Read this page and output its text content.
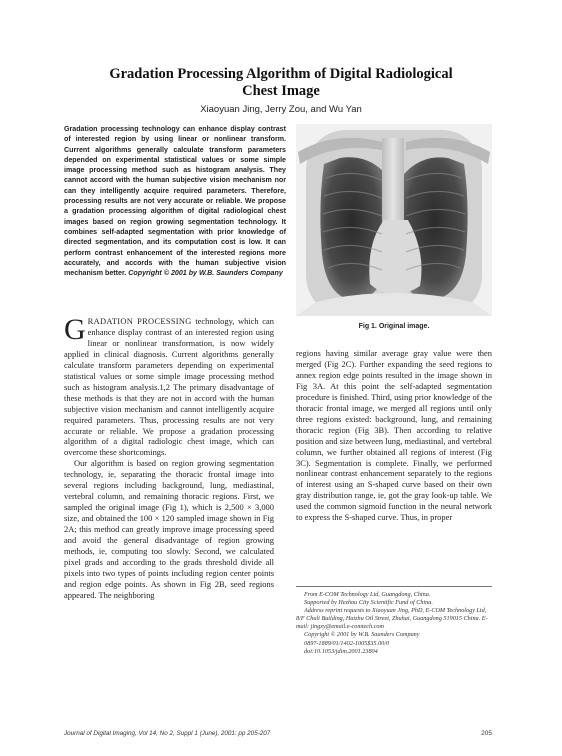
Gradation Processing Algorithm of Digital Radiological
Chest Image
Xiaoyuan Jing, Jerry Zou, and Wu Yan
Gradation processing technology can enhance display contrast of interested region by using linear or nonlinear transform. Current algorithms generally calculate transform parameters depended on experimental statistical values or some simple image processing method such as histogram analysis. They cannot accord with the human subjective vision mechanism nor can they intelligently acquire required parameters. Therefore, processing results are not very accurate or reliable. We propose a gradation processing algorithm of digital radiological chest images based on region growing segmentation technology. It combines self-adapted segmentation with prior knowledge of directed segmentation, and its computation cost is low. It can perform contrast enhancement of the interested regions more accurately, and accords with the human subjective vision mechanism better. Copyright © 2001 by W.B. Saunders Company
Fig 1. Original image.

GRADATION PROCESSING technology, which can enhance display contrast of an interested region using linear or nonlinear transformation, is now widely applied in clinical diagnosis. Current algorithms generally calculate transform parameters depending on experimental statistical values or some simple image processing method such as histogram analysis.1,2 The primary disadvantage of these methods is that they are not in accord with the human subjective vision mechanism and cannot intelligently acquire required parameters. Thus, processing results are not very accurate or reliable. We propose a gradation processing algorithm of a digital radiologic chest image, which can overcome these shortcomings.

Our algorithm is based on region growing segmentation technology, ie, separating the thoracic frontal image into several regions including background, lung, mediastinal, vertebral column, and remaining thoracic regions. First, we sampled the original image (Fig 1), which is 2,500 × 3,000 size, and obtained the 100 × 120 sampled image shown in Fig 2A; this method can greatly improve image processing speed and avoid the general disadvantage of region growing methods, ie, computing too slowly. Second, we calculated pixel grads and according to the grads threshold divide all pixels into two types of points including region center points and region edge points. As shown in Fig 2B, seed regions appeared. The neighboring

regions having similar average gray value were then merged (Fig 2C). Further expanding the seed regions to annex region edge points resulted in the image shown in Fig 3A. At this point the self-adapted segmentation procedure is finished. Third, using prior knowledge of the thoracic frontal image, we merged all regions until only three regions existed: background, lung, and remaining thoracic region (Fig 3B). Then according to relative position and size between lung, mediastinal, and vertebral column, we further obtained all regions of interest (Fig 3C). Segmentation is complete. Finally, we performed nonlinear contrast enhancement separately to the regions of interest using an S-shaped curve based on their own gray distribution range, ie, got the gray look-up table. We used the common sigmoid function in the neural network to express the S-shaped curve. Thus, in proper

From E-COM Technology Ltd, Guangdong, China.

Supported by Hezhou City Scientific Fund of China.

Address reprint requests to Xiaoyuan Jing, PhD, E-COM Technology Ltd, 8/F Chuli Building, Haizhu Oil Street, Zhuhai, Guangdong 519015 China. E-mail: jingxy@email.e-comtech.com

Copyright © 2001 by W.B. Saunders Company

0897-1889/01/1402-1005$35.00/0

doi:10.1053/jdim.2001.23804

Journal of Digital Imaging, Vol 14, No 2, Suppl 1 (June), 2001: pp 205-207	205
